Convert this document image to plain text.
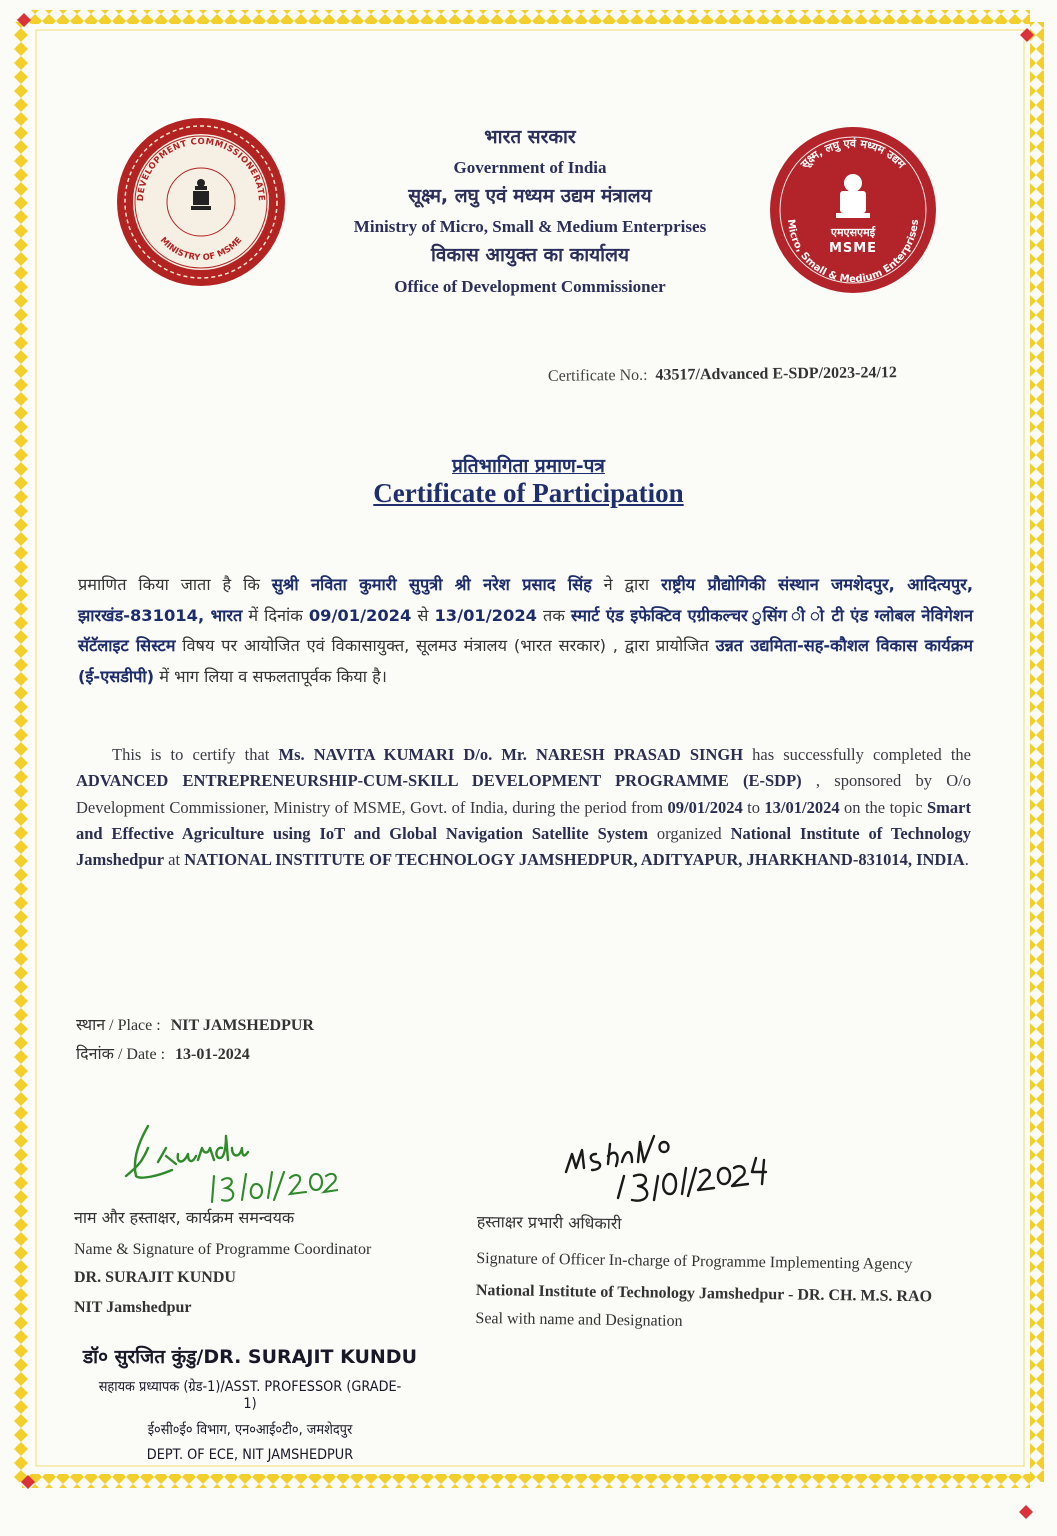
DEVELOPMENT COMMISSIONERATE
MINISTRY OF MSME
भारत सरकार
Government of India
सूक्ष्म, लघु एवं मध्यम उद्यम मंत्रालय
Ministry of Micro, Small & Medium Enterprises
विकास आयुक्त का कार्यालय
Office of Development Commissioner
सूक्ष्म, लघु एवं मध्यम उद्यम
Micro, Small & Medium Enterprises
एमएसएमई
MSME
Certificate No.: 43517/Advanced E-SDP/2023-24/12
प्रतिभागिता प्रमाण-पत्र
Certificate of Participation
प्रमाणित किया जाता है कि सुश्री नविता कुमारी सुपुत्री श्री नरेश प्रसाद सिंह ने द्वारा राष्ट्रीय प्रौद्योगिकी संस्थान जमशेदपुर, आदित्यपुर, झारखंड-831014, भारत में दिनांक 09/01/2024 से 13/01/2024 तक स्मार्ट एंड इफेक्टिव एग्रीकल्चर ुसिंग ी ो टी एंड ग्लोबल नेविगेशन सॅटॅलाइट सिस्टम विषय पर आयोजित एवं विकासायुक्त, सूलमउ मंत्रालय (भारत सरकार) , द्वारा प्रायोजित उन्नत उद्यमिता-सह-कौशल विकास कार्यक्रम (ई-एसडीपी) में भाग लिया व सफलतापूर्वक किया है।
This is to certify that Ms. NAVITA KUMARI D/o. Mr. NARESH PRASAD SINGH has successfully completed the ADVANCED ENTREPRENEURSHIP-CUM-SKILL DEVELOPMENT PROGRAMME (E-SDP) , sponsored by O/o Development Commissioner, Ministry of MSME, Govt. of India, during the period from 09/01/2024 to 13/01/2024 on the topic Smart and Effective Agriculture using IoT and Global Navigation Satellite System organized National Institute of Technology Jamshedpur at NATIONAL INSTITUTE OF TECHNOLOGY JAMSHEDPUR, ADITYAPUR, JHARKHAND-831014, INDIA.
स्थान / Place : NIT JAMSHEDPUR
दिनांक / Date : 13-01-2024
नाम और हस्ताक्षर, कार्यक्रम समन्वयक
Name & Signature of Programme Coordinator
DR. SURAJIT KUNDU
NIT Jamshedpur
डॉ० सुरजित कुंडु/DR. SURAJIT KUNDU
सहायक प्रध्यापक (ग्रेड-1)/ASST. PROFESSOR (GRADE-1)
ई०सी०ई० विभाग, एन०आई०टी०, जमशेदपुर
DEPT. OF ECE, NIT JAMSHEDPUR
हस्ताक्षर प्रभारी अधिकारी
Signature of Officer In-charge of Programme Implementing Agency
National Institute of Technology Jamshedpur - DR. CH. M.S. RAO
Seal with name and Designation
